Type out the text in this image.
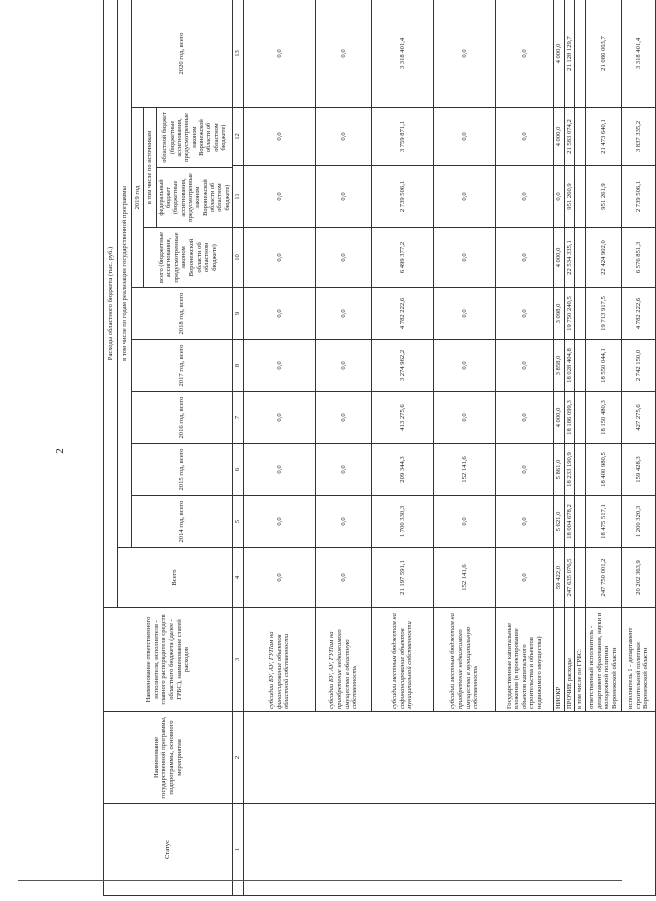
2
Статус	Наименование государственной программы, подпрограммы, основного мероприятия	Наименование ответственного исполнителя, исполнителя - главного распорядителя средств областного бюджета (далее - ГРБС), наименование статей расходов	Расходы областного бюджета (тыс. руб.)
Всего	в том числе по годам реализации государственной программы
2014 год, всего	2015 год, всего	2016 год, всего	2017 год, всего	2018 год, всего	2019 год	2020 год, всего
всего (бюджетные ассигнования, предусмотренные законом Воронежской области об областном бюджете)	
в том числе по источникамфедеральный бюджет (бюджетные ассигнования, предусмотренные законом Воронежской области об областном бюджете)	областной бюджет (бюджетные ассигнования, предусмотренные законом Воронежской области об областном бюджете)

1	2	3	4	5	6	7	8	9	10	11	12	13
		субсидии БУ, АУ, ГУПам на финансирование объектов областной собственности	0,0	0,0	0,0	0,0	0,0	0,0	0,0	0,0	0,0	0,0
субсидии БУ, АУ, ГУПам на приобретение недвижимого имущества в областную собственность	0,0	0,0	0,0	0,0	0,0	0,0	0,0	0,0	0,0	0,0
субсидии местным бюджетам на софинансирование объектов муниципальной собственности	21 197 591,1	1 700 330,3	209 344,3	413 275,6	3 274 962,2	4 782 222,6	6 499 377,2	2 739 506,1	3 759 871,1	3 318 401,4
субсидии местным бюджетам на приобретение недвижимого имущества в муниципальную собственность	152 141,6	0,0	152 141,6	0,0	0,0	0,0	0,0	0,0	0,0	0,0
Государственные капитальные вложения (в проектирование объектов капитального строительства и объектов недвижимого имущества)	0,0	0,0	0,0	0,0	0,0	0,0	0,0	0,0	0,0	0,0
НИОКР	59 422,0	5 621,0	5 861,0	4 000,0	3 858,0	3 098,0	4 000,0	0,0	4 000,0	4 000,0
ПРОЧИЕ расходы	247 635 076,5	18 004 678,2	18 233 190,9	18 186 099,3	18 028 404,8	19 750 240,5	22 534 335,1	951 260,9	21 583 074,2	21 128 129,7
в том числе по ГРБС:										
ответственный исполнитель - департамент образования, науки и молодежной политики Воронежской области	247 750 001,2	18 475 517,1	18 400 980,5	18 150 480,3	18 550 044,1	19 713 917,5	22 424 902,0	951 261,9	21 473 640,1	21 086 003,7
исполнитель 1 - департамент строительной политики Воронежской области	20 202 363,9	1 200 320,3	159 428,3	427 275,6	2 742 150,0	4 782 222,6	6 576 851,3	2 739 506,1	3 837 335,2	3 318 401,4
